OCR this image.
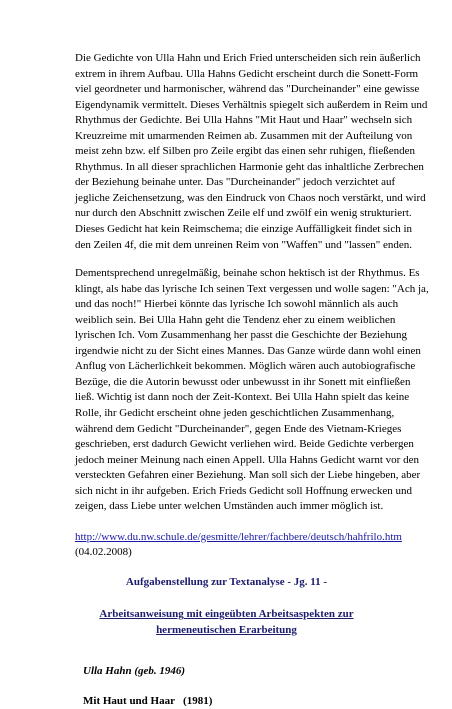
Die Gedichte von Ulla Hahn und Erich Fried unterscheiden sich rein äußerlich
extrem in ihrem Aufbau. Ulla Hahns Gedicht erscheint durch die Sonett-Form
viel geordneter und harmonischer, während das "Durcheinander" eine gewisse
Eigendynamik vermittelt. Dieses Verhältnis spiegelt sich außerdem in Reim und
Rhythmus der Gedichte. Bei Ulla Hahns "Mit Haut und Haar" wechseln sich
Kreuzreime mit umarmenden Reimen ab. Zusammen mit der Aufteilung von
meist zehn bzw. elf Silben pro Zeile ergibt das einen sehr ruhigen, fließenden
Rhythmus. In all dieser sprachlichen Harmonie geht das inhaltliche Zerbrechen
der Beziehung beinahe unter. Das "Durcheinander" jedoch verzichtet auf
jegliche Zeichensetzung, was den Eindruck von Chaos noch verstärkt, und wird
nur durch den Abschnitt zwischen Zeile elf und zwölf ein wenig strukturiert.
Dieses Gedicht hat kein Reimschema; die einzige Auffälligkeit findet sich in
den Zeilen 4f, die mit dem unreinen Reim von "Waffen" und "lassen" enden.
Dementsprechend unregelmäßig, beinahe schon hektisch ist der Rhythmus. Es
klingt, als habe das lyrische Ich seinen Text vergessen und wolle sagen: "Ach ja,
und das noch!" Hierbei könnte das lyrische Ich sowohl männlich als auch
weiblich sein. Bei Ulla Hahn geht die Tendenz eher zu einem weiblichen
lyrischen Ich. Vom Zusammenhang her passt die Geschichte der Beziehung
irgendwie nicht zu der Sicht eines Mannes. Das Ganze würde dann wohl einen
Anflug von Lächerlichkeit bekommen. Möglich wären auch autobiografische
Bezüge, die die Autorin bewusst oder unbewusst in ihr Sonett mit einfließen
ließ. Wichtig ist dann noch der Zeit-Kontext. Bei Ulla Hahn spielt das keine
Rolle, ihr Gedicht erscheint ohne jeden geschichtlichen Zusammenhang,
während dem Gedicht "Durcheinander", gegen Ende des Vietnam-Krieges
geschrieben, erst dadurch Gewicht verliehen wird. Beide Gedichte verbergen
jedoch meiner Meinung nach einen Appell. Ulla Hahns Gedicht warnt vor den
versteckten Gefahren einer Beziehung. Man soll sich der Liebe hingeben, aber
sich nicht in ihr aufgeben. Erich Frieds Gedicht soll Hoffnung erwecken und
zeigen, dass Liebe unter welchen Umständen auch immer möglich ist.
http://www.du.nw.schule.de/gesmitte/lehrer/fachbere/deutsch/hahfrilo.htm
(04.02.2008)
Aufgabenstellung zur Textanalyse - Jg. 11 -
Arbeitsanweisung mit eingeübten Arbeitsaspekten zur
hermeneutischen Erarbeitung
Ulla Hahn (geb. 1946)
Mit Haut und Haar   (1981)
